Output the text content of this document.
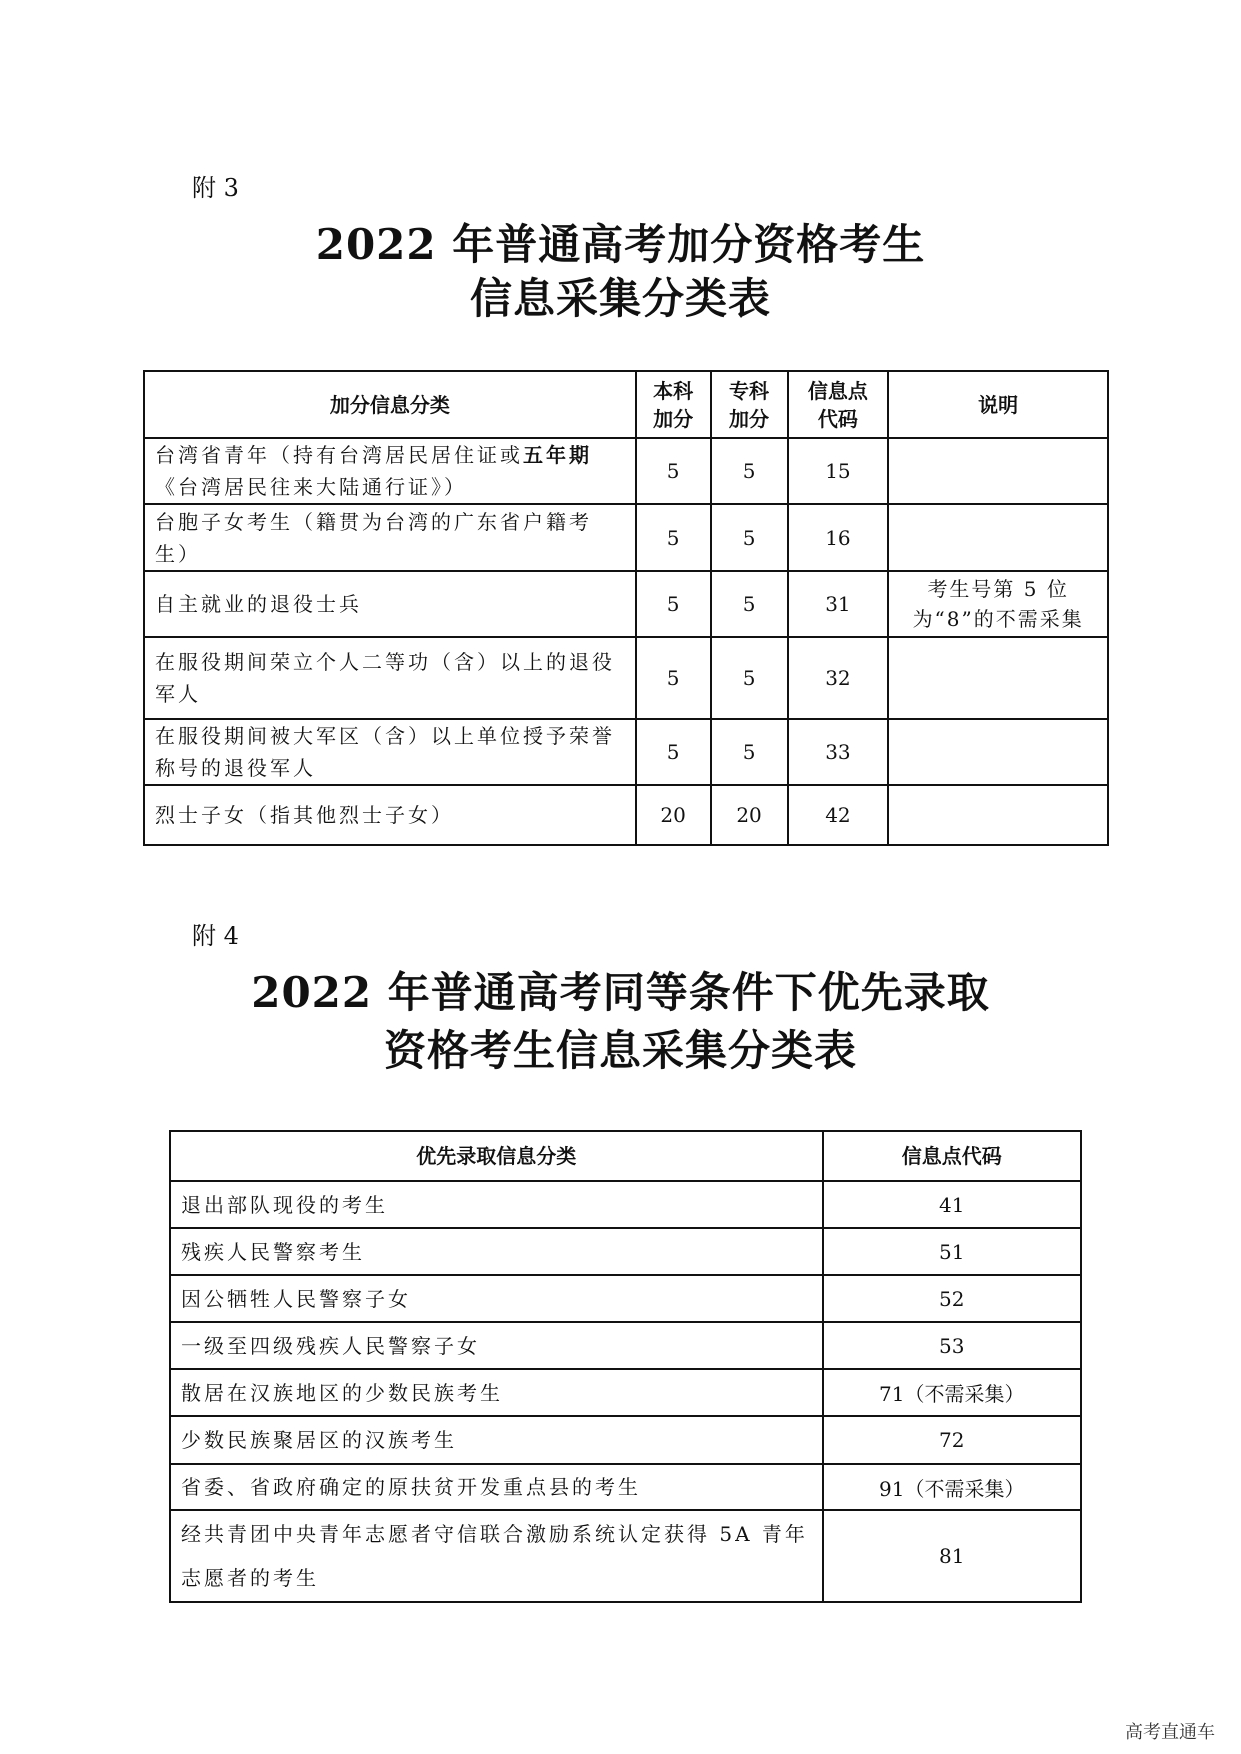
附 3
2022 年普通高考加分资格考生
信息采集分类表
加分信息分类	本科加分	专科加分	信息点代码	说明
台湾省青年（持有台湾居民居住证或五年期《台湾居民往来大陆通行证》）	5	5	15	
台胞子女考生（籍贯为台湾的广东省户籍考生）	5	5	16	
自主就业的退役士兵	5	5	31	考生号第 5 位为“8”的不需采集
在服役期间荣立个人二等功（含）以上的退役军人	5	5	32	
在服役期间被大军区（含）以上单位授予荣誉称号的退役军人	5	5	33	
烈士子女（指其他烈士子女）	20	20	42	
附 4
2022 年普通高考同等条件下优先录取
资格考生信息采集分类表
优先录取信息分类	信息点代码
退出部队现役的考生	41
残疾人民警察考生	51
因公牺牲人民警察子女	52
一级至四级残疾人民警察子女	53
散居在汉族地区的少数民族考生	71（不需采集）
少数民族聚居区的汉族考生	72
省委、省政府确定的原扶贫开发重点县的考生	91（不需采集）
经共青团中央青年志愿者守信联合激励系统认定获得 5A 青年志愿者的考生	81
高考直通车
